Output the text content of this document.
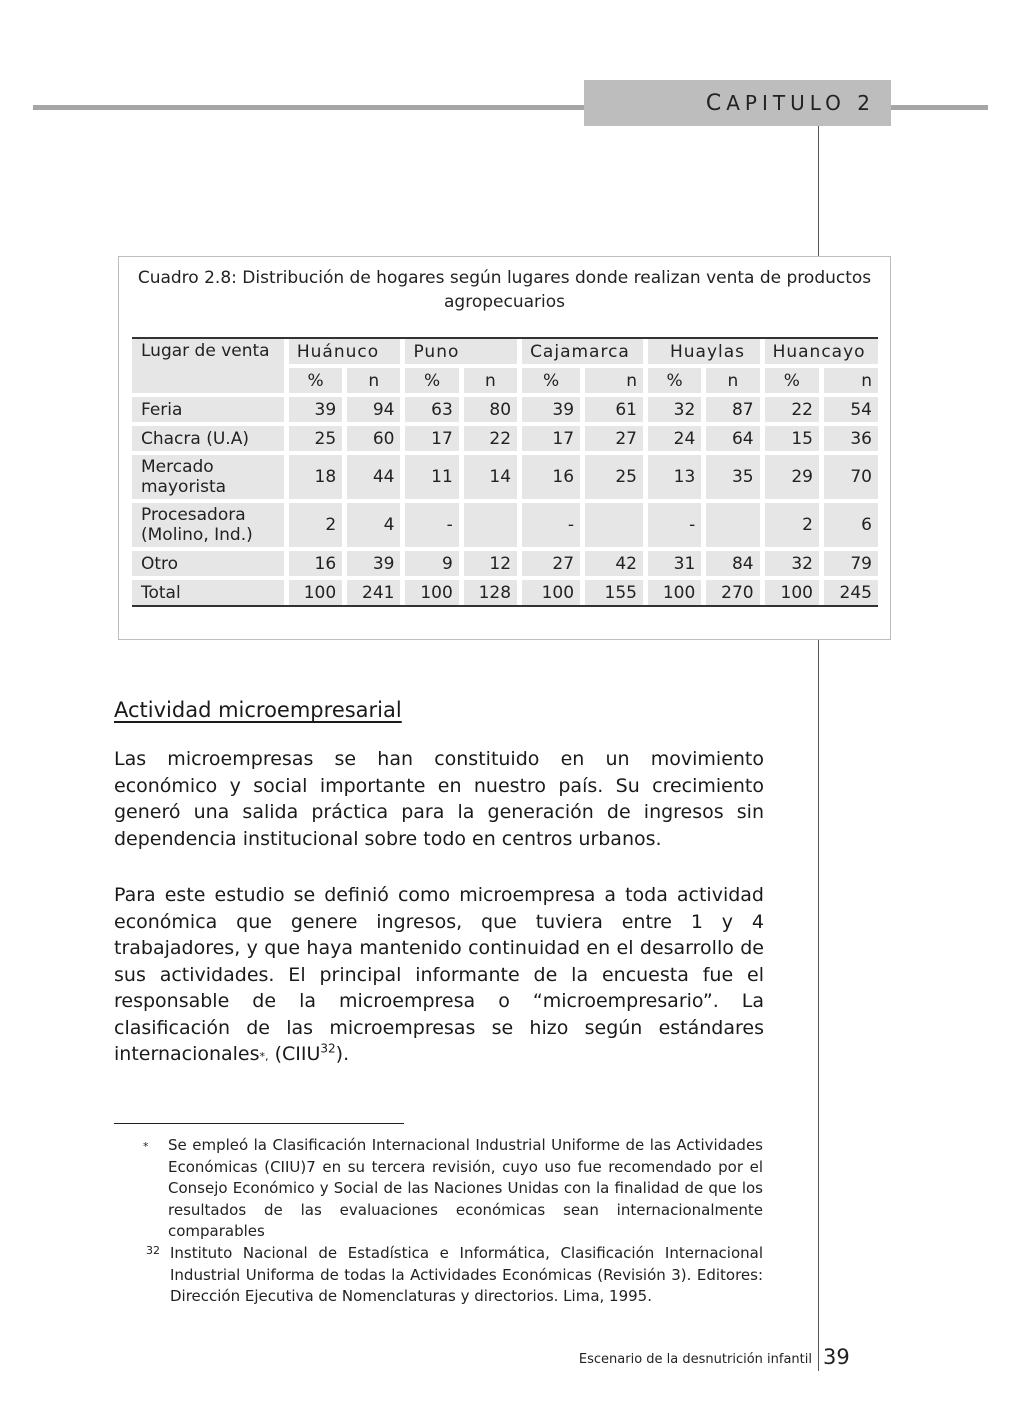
C APITULO 2
Cuadro 2.8: Distribución de hogares según lugares donde realizan venta de productos
agropecuarios
Lugar de venta	Huánuco		Puno		Cajamarca		Huaylas		Huancayo	
	%	n	%	n	%	n	%	n	%	n
Feria	39	94	63	80	39	61	32	87	22	54
Chacra (U.A)	25	60	17	22	17	27	24	64	15	36
Mercado mayorista	18	44	11	14	16	25	13	35	29	70
Procesadora (Molino, Ind.)	2	4	-		-		-		2	6
Otro	16	39	9	12	27	42	31	84	32	79
Total	100	241	100	128	100	155	100	270	100	245
Actividad microempresarial
Las microempresas se han constituido en un movimiento económico y social importante en nuestro país. Su crecimiento generó una salida práctica para la generación de ingresos sin dependencia institucional sobre todo en centros urbanos.
Para este estudio se definió como microempresa a toda actividad económica que genere ingresos, que tuviera entre 1 y 4 trabajadores, y que haya mantenido continuidad en el desarrollo de sus actividades. El principal informante de la encuesta fue el responsable de la microempresa o “microempresario”. La clasificación de las microempresas se hizo según estándares internacionales*, (CIIU$^{32}$).
* Se empleó la Clasificación Internacional Industrial Uniforme de las Actividades Económicas (CIIU)7 en su tercera revisión, cuyo uso fue recomendado por el Consejo Económico y Social de las Naciones Unidas con la finalidad de que los resultados de las evaluaciones económicas sean internacionalmente comparables
32 Instituto Nacional de Estadística e Informática, Clasificación Internacional Industrial Uniforma de todas la Actividades Económicas (Revisión 3). Editores: Dirección Ejecutiva de Nomenclaturas y directorios. Lima, 1995.
Escenario de la desnutrición infantil 39
